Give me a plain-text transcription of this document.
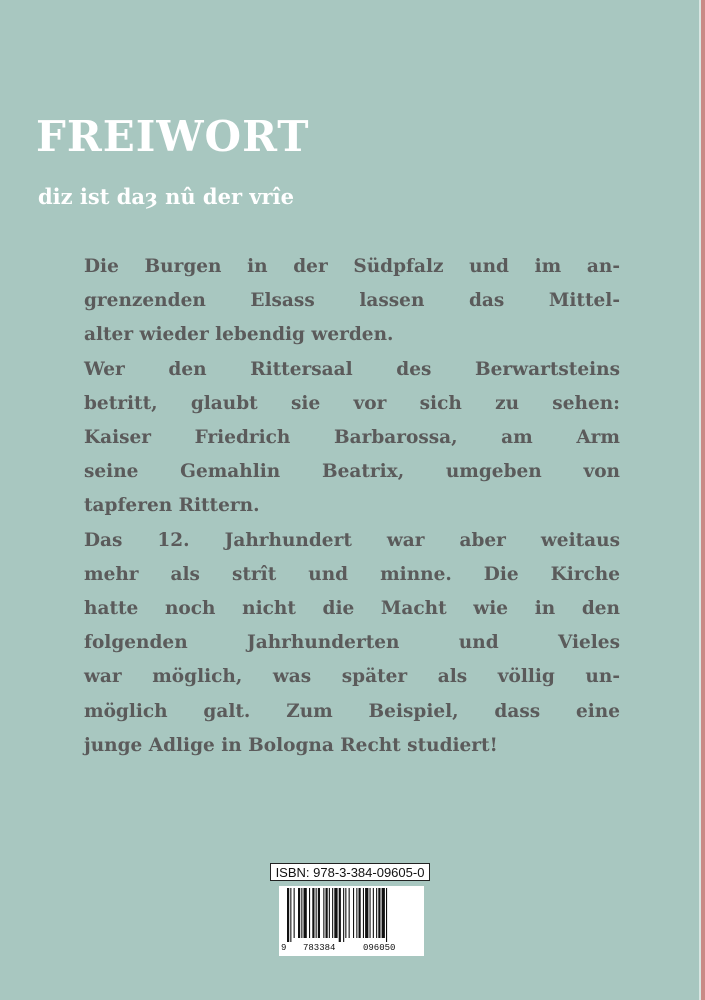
FREIWORT
diz ist daȝ nû der vrîe

Die Burgen in der Südpfalz und im an-
grenzenden Elsass lassen das Mittel-
alter wieder lebendig werden.

Wer den Rittersaal des Berwartsteins
betritt, glaubt sie vor sich zu sehen:
Kaiser Friedrich Barbarossa, am Arm
seine Gemahlin Beatrix, umgeben von
tapferen Rittern.

Das 12. Jahrhundert war aber weitaus
mehr als strît und minne. Die Kirche
hatte noch nicht die Macht wie in den
folgenden Jahrhunderten und Vieles
war möglich, was später als völlig un-
möglich galt. Zum Beispiel, dass eine
junge Adlige in Bologna Recht studiert!

ISBN: 978-3-384-09605-0
9 783384	096050
